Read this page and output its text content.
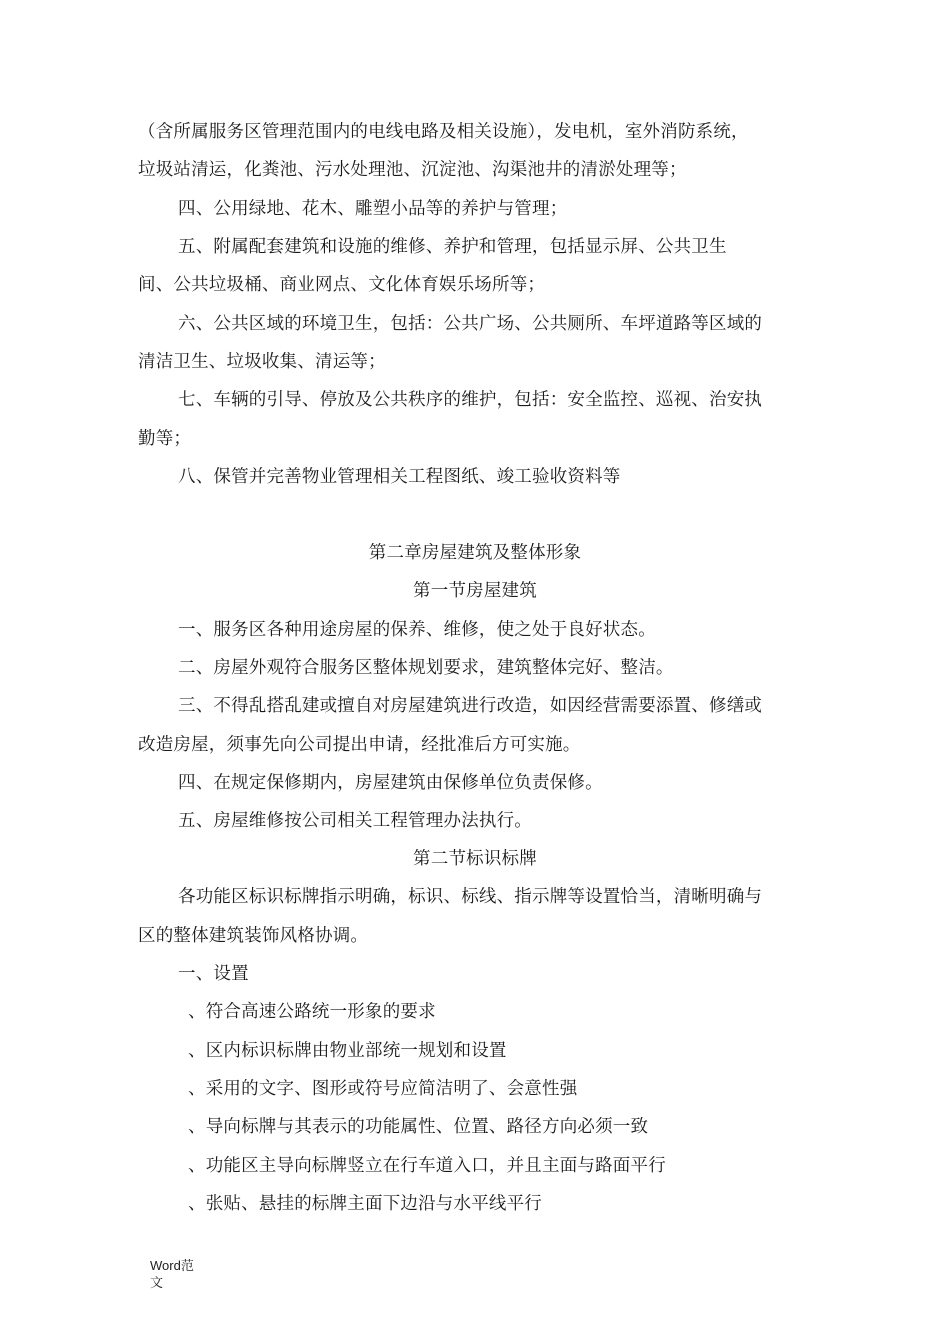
（含所属服务区管理范围内的电线电路及相关设施），发电机，室外消防系统，
垃圾站清运，化粪池、污水处理池、沉淀池、沟渠池井的清淤处理等；
四、公用绿地、花木、雕塑小品等的养护与管理；
五、附属配套建筑和设施的维修、养护和管理，包括显示屏、公共卫生
间、公共垃圾桶、商业网点、文化体育娱乐场所等；
六、公共区域的环境卫生，包括：公共广场、公共厕所、车坪道路等区域的
清洁卫生、垃圾收集、清运等；
七、车辆的引导、停放及公共秩序的维护，包括：安全监控、巡视、治安执
勤等；
八、保管并完善物业管理相关工程图纸、竣工验收资料等
第二章房屋建筑及整体形象
第一节房屋建筑
一、服务区各种用途房屋的保养、维修，使之处于良好状态。
二、房屋外观符合服务区整体规划要求，建筑整体完好、整洁。
三、不得乱搭乱建或擅自对房屋建筑进行改造，如因经营需要添置、修缮或
改造房屋，须事先向公司提出申请，经批准后方可实施。
四、在规定保修期内，房屋建筑由保修单位负责保修。
五、房屋维修按公司相关工程管理办法执行。
第二节标识标牌
各功能区标识标牌指示明确，标识、标线、指示牌等设置恰当，清晰明确与
区的整体建筑装饰风格协调。
一、设置
、符合高速公路统一形象的要求
、区内标识标牌由物业部统一规划和设置
、采用的文字、图形或符号应简洁明了、会意性强
、导向标牌与其表示的功能属性、位置、路径方向必须一致
、功能区主导向标牌竖立在行车道入口，并且主面与路面平行
、张贴、悬挂的标牌主面下边沿与水平线平行
Word范
文
